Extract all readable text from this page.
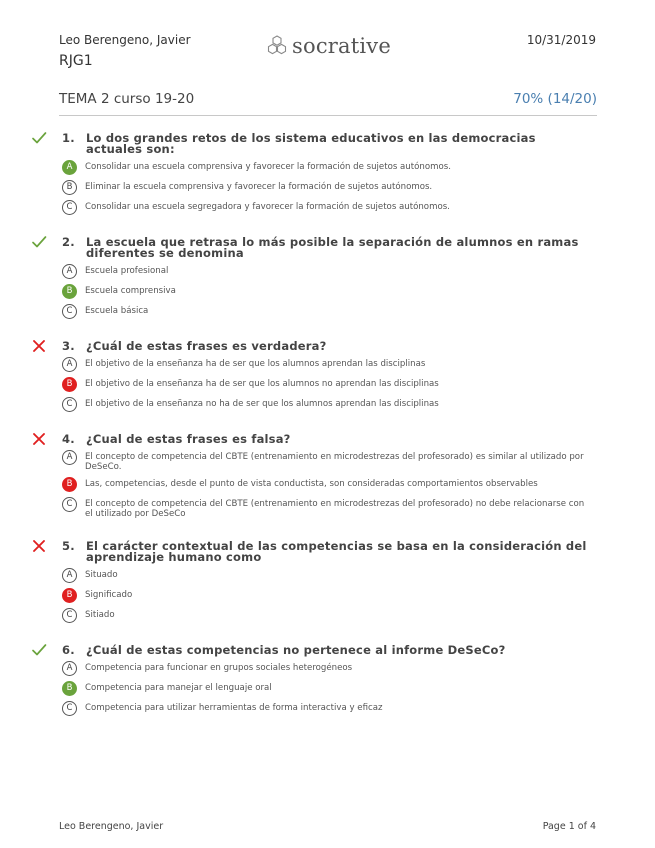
Leo Berengeno, Javier
RJG1
socrative	10/31/2019
TEMA 2 curso 19-20	70% (14/20)
1. Lo dos grandes retos de los sistema educativos en las democracias actuales son:
A	Consolidar una escuela comprensiva y favorecer la formación de sujetos autónomos.
B	Eliminar la escuela comprensiva y favorecer la formación de sujetos autónomos.
C	Consolidar una escuela segregadora y favorecer la formación de sujetos autónomos.
2. La escuela que retrasa lo más posible la separación de alumnos en ramas diferentes se denomina
A	Escuela profesional
B	Escuela comprensiva
C	Escuela básica
3. ¿Cuál de estas frases es verdadera?
A	El objetivo de la enseñanza ha de ser que los alumnos aprendan las disciplinas
B	El objetivo de la enseñanza ha de ser que los alumnos no aprendan las disciplinas
C	El objetivo de la enseñanza no ha de ser que los alumnos aprendan las disciplinas
4. ¿Cual de estas frases es falsa?
A	El concepto de competencia del CBTE (entrenamiento en microdestrezas del profesorado) es similar al utilizado por DeSeCo.
B	Las, competencias, desde el punto de vista conductista, son consideradas comportamientos observables
C	El concepto de competencia del CBTE (entrenamiento en microdestrezas del profesorado) no debe relacionarse con el utilizado por DeSeCo
5. El carácter contextual de las competencias se basa en la consideración del aprendizaje humano como
A	Situado
B	Significado
C	Sitiado
6. ¿Cuál de estas competencias no pertenece al informe DeSeCo?
A	Competencia para funcionar en grupos sociales heterogéneos
B	Competencia para manejar el lenguaje oral
C	Competencia para utilizar herramientas de forma interactiva y eficaz
Leo Berengeno, Javier	Page 1 of 4
